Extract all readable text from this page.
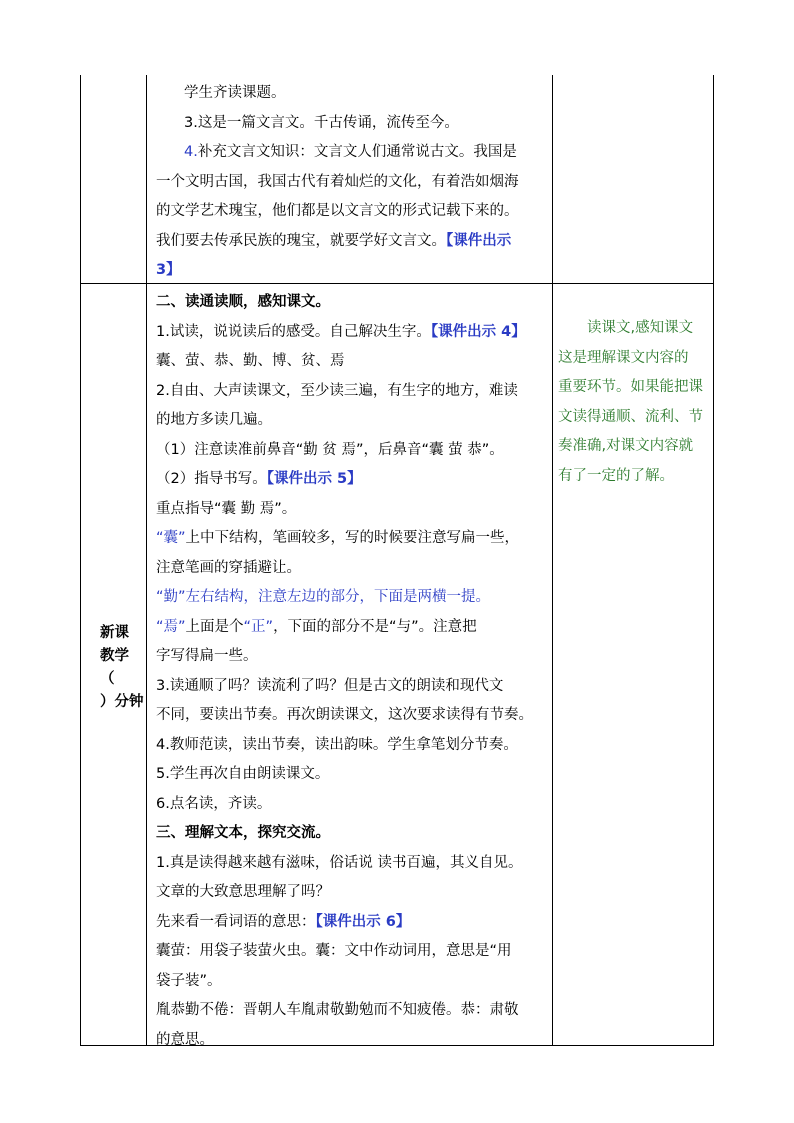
学生齐读课题。
3.这是一篇文言文。千古传诵，流传至今。
4.补充文言文知识：文言文人们通常说古文。我国是
一个文明古国，我国古代有着灿烂的文化，有着浩如烟海
的文学艺术瑰宝，他们都是以文言文的形式记载下来的。
我们要去传承民族的瑰宝，就要学好文言文。【课件出示
3】
新课
教学
（
）分钟
二、读通读顺，感知课文。
1.试读，说说读后的感受。自己解决生字。【课件出示 4】
囊、萤、恭、勤、博、贫、焉
2.自由、大声读课文，至少读三遍，有生字的地方，难读
的地方多读几遍。
（1）注意读准前鼻音“勤 贫 焉”，后鼻音“囊 萤 恭”。
（2）指导书写。【课件出示 5】
重点指导“囊 勤 焉”。
“囊”上中下结构，笔画较多，写的时候要注意写扁一些，
注意笔画的穿插避让。
“勤”左右结构，注意左边的部分，下面是两横一提。
“焉”上面是个“正”，下面的部分不是“与”。注意把
字写得扁一些。
3.读通顺了吗？读流利了吗？但是古文的朗读和现代文
不同，要读出节奏。再次朗读课文，这次要求读得有节奏。
4.教师范读，读出节奏，读出韵味。学生拿笔划分节奏。
5.学生再次自由朗读课文。
6.点名读，齐读。
三、理解文本，探究交流。
1.真是读得越来越有滋味，俗话说 读书百遍，其义自见。
文章的大致意思理解了吗？
先来看一看词语的意思：【课件出示 6】
囊萤：用袋子装萤火虫。囊：文中作动词用，意思是“用
袋子装”。
胤恭勤不倦：晋朝人车胤肃敬勤勉而不知疲倦。恭：肃敬
的意思。
　　读课文,感知课文
这是理解课文内容的
重要环节。如果能把课
文读得通顺、流利、节
奏准确,对课文内容就
有了一定的了解。
